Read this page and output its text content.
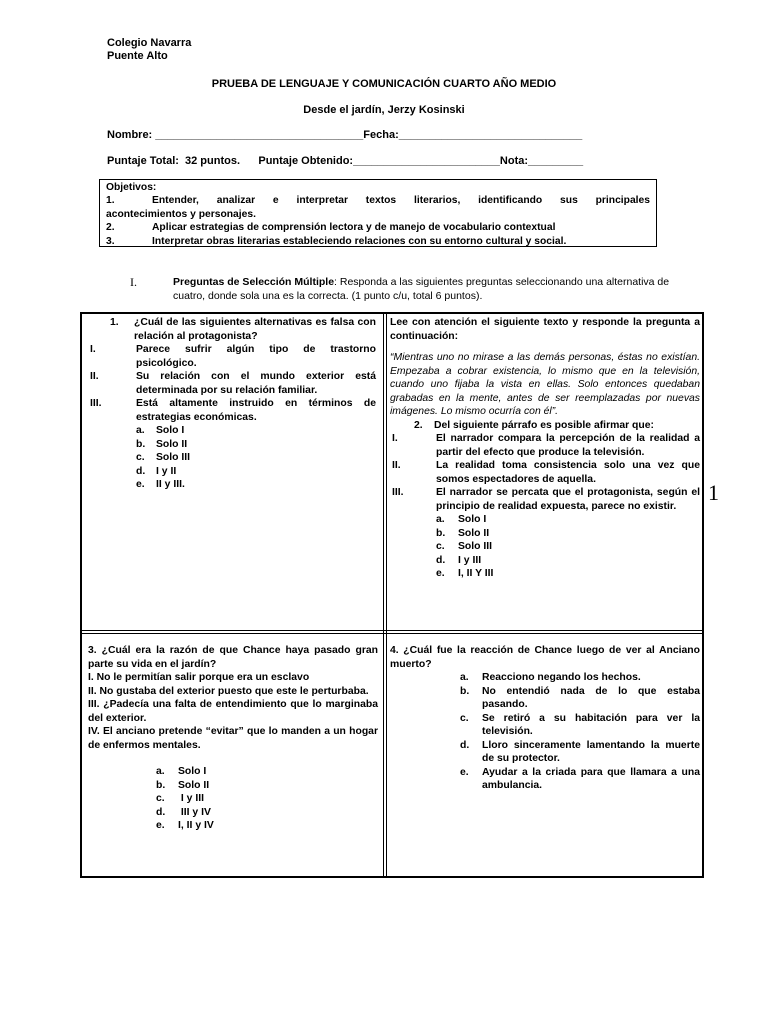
Colegio Navarra
Puente Alto
PRUEBA DE LENGUAJE Y COMUNICACIÓN CUARTO AÑO MEDIO
Desde el jardín, Jerzy Kosinski
Nombre: __________________________________Fecha:______________________________
Puntaje Total:  32 puntos.      Puntaje Obtenido:________________________Nota:_________
Objetivos:
1.	Entender, analizar e interpretar textos literarios, identificando sus principales
acontecimientos y personajes.
2.	Aplicar estrategias de comprensión lectora y de manejo de vocabulario contextual
3.	Interpretar obras literarias estableciendo relaciones con su entorno cultural y social.
I.	Preguntas de Selección Múltiple: Responda a las siguientes preguntas seleccionando una alternativa de cuatro, donde sola una es la correcta. (1 punto c/u, total 6 puntos).
1.	¿Cuál de las siguientes alternativas es falsa con relación al protagonista?
I.	Parece sufrir algún tipo de trastorno psicológico.
II.	Su relación con el mundo exterior está determinada por su relación familiar.
III.	Está altamente instruido en términos de estrategias económicas.
a.	Solo I
b.	Solo II
c.	Solo III
d.	I y II
e.	II y III.
Lee con atención el siguiente texto y responde la pregunta a continuación:
“Mientras uno no mirase a las demás personas, éstas no existían. Empezaba a cobrar existencia, lo mismo que en la televisión, cuando uno fijaba la vista en ellas. Solo entonces quedaban grabadas en la mente, antes de ser reemplazadas por nuevas imágenes. Lo mismo ocurría con él”.
2.	Del siguiente párrafo es posible afirmar que:
I.	El narrador compara la percepción de la realidad a partir del efecto que produce la televisión.
II.	La realidad toma consistencia solo una vez que somos espectadores de aquella.
III.	El narrador se percata que el protagonista, según el principio de realidad expuesta, parece no existir.
a.	Solo I
b.	Solo II
c.	Solo III
d.	I y III
e.	I, II Y III
3. ¿Cuál era la razón de que Chance haya pasado gran parte su vida en el jardín?
I. No le permitían salir porque era un esclavo
II. No gustaba del exterior puesto que este le perturbaba.
III. ¿Padecía una falta de entendimiento que lo marginaba del exterior.
IV. El anciano pretende “evitar” que lo manden a un hogar de enfermos mentales.
a.	Solo I
b.	Solo II
c.	I y III
d.	III y IV
e.	I, II y IV
4. ¿Cuál fue la reacción de Chance luego de ver al Anciano muerto?
a.	Reacciono negando los hechos.
b.	No entendió nada de lo que estaba pasando.
c.	Se retiró a su habitación para ver la televisión.
d.	Lloro sinceramente lamentando la muerte de su protector.
e.	Ayudar a la criada para que llamara a una ambulancia.
1
